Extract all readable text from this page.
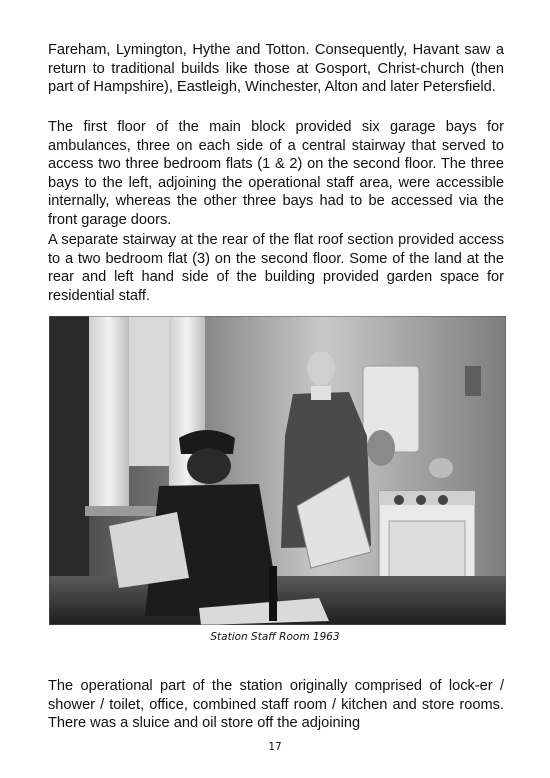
Fareham, Lymington, Hythe and Totton. Consequently, Havant saw a return to traditional builds like those at Gosport, Christ-church (then part of Hampshire), Eastleigh, Winchester, Alton and later Petersfield.

The first floor of the main block provided six garage bays for ambulances, three on each side of a central stairway that served to access two three bedroom flats (1 & 2) on the second floor. The three bays to the left, adjoining the operational staff area, were accessible internally, whereas the other three bays had to be accessed via the front garage doors.

A separate stairway at the rear of the flat roof section provided access to a two bedroom flat (3) on the second floor. Some of the land at the rear and left hand side of the building provided garden space for residential staff.

Station Staff Room 1963

The operational part of the station originally comprised of lock-er / shower / toilet, office, combined staff room / kitchen and store rooms. There was a sluice and oil store off the adjoining

17
